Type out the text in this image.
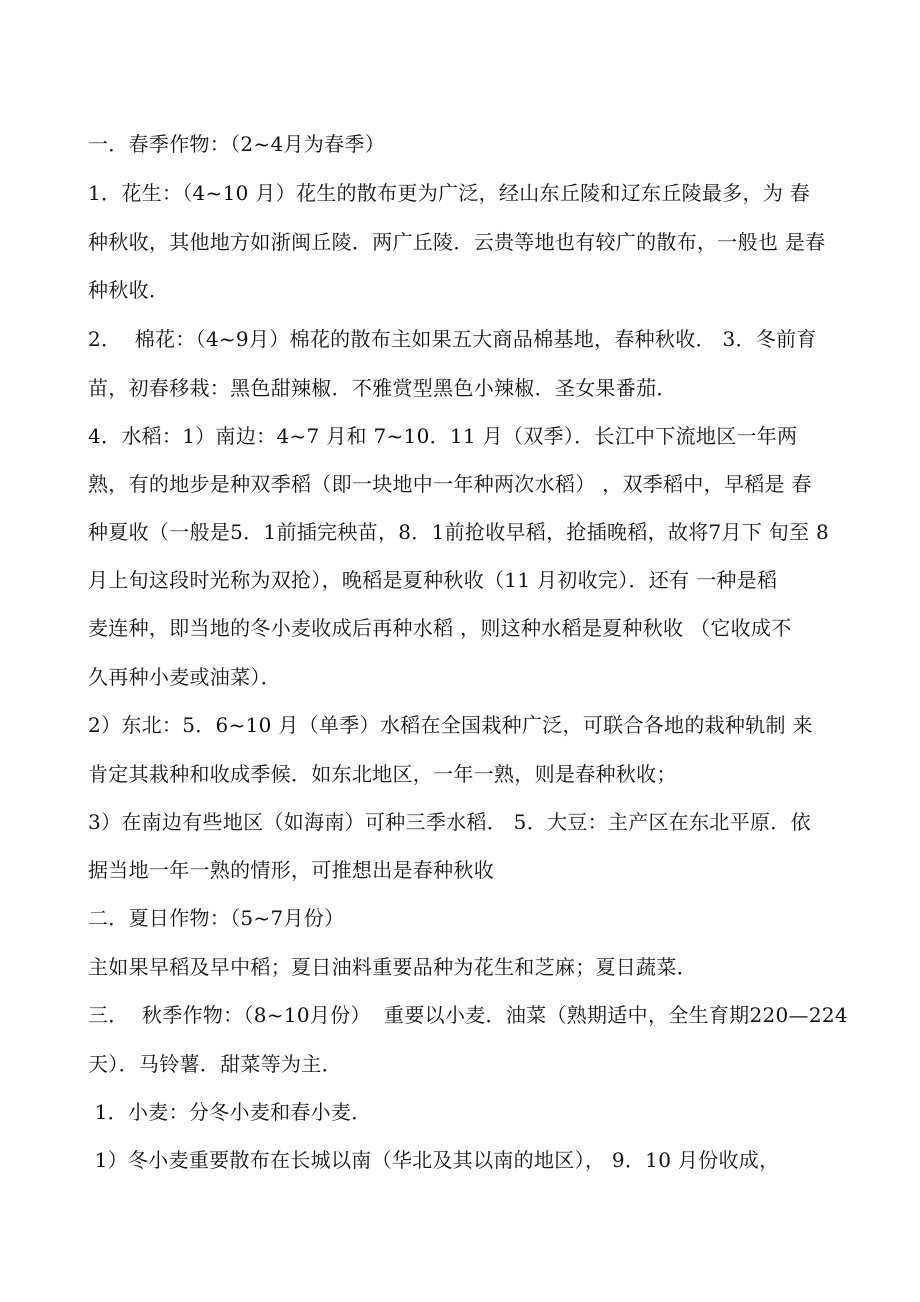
一．春季作物：（2~4月为春季）
1．花生：（4~10 月）花生的散布更为广泛，经山东丘陵和辽东丘陵最多，为 春
种秋收，其他地方如浙闽丘陵．两广丘陵．云贵等地也有较广的散布，一般也 是春
种秋收．
2．  棉花：（4~9月）棉花的散布主如果五大商品棉基地，春种秋收． 3．冬前育
苗，初春移栽：黑色甜辣椒．不雅赏型黑色小辣椒．圣女果番茄．
4．水稻：1）南边：4~7 月和 7~10．11 月（双季）．长江中下流地区一年两
熟，有的地步是种双季稻（即一块地中一年种两次水稻） ，双季稻中，早稻是 春
种夏收（一般是5．1前插完秧苗，8．1前抢收早稻，抢插晚稻，故将7月下 旬至 8
月上旬这段时光称为双抢），晚稻是夏种秋收（11 月初收完）．还有 一种是稻
麦连种，即当地的冬小麦收成后再种水稻 ，则这种水稻是夏种秋收 （它收成不
久再种小麦或油菜）．
2）东北：5．6~10 月（单季）水稻在全国栽种广泛，可联合各地的栽种轨制 来
肯定其栽种和收成季候．如东北地区，一年一熟，则是春种秋收；
3）在南边有些地区（如海南）可种三季水稻． 5．大豆：主产区在东北平原．依
据当地一年一熟的情形，可推想出是春种秋收
二．夏日作物：（5~7月份）
主如果早稻及早中稻；夏日油料重要品种为花生和芝麻；夏日蔬菜．
三．  秋季作物：（8~10月份）  重要以小麦．油菜（熟期适中，全生育期220—224
天）．马铃薯．甜菜等为主．
1．小麦：分冬小麦和春小麦．
1）冬小麦重要散布在长城以南（华北及其以南的地区）， 9．10 月份收成，
